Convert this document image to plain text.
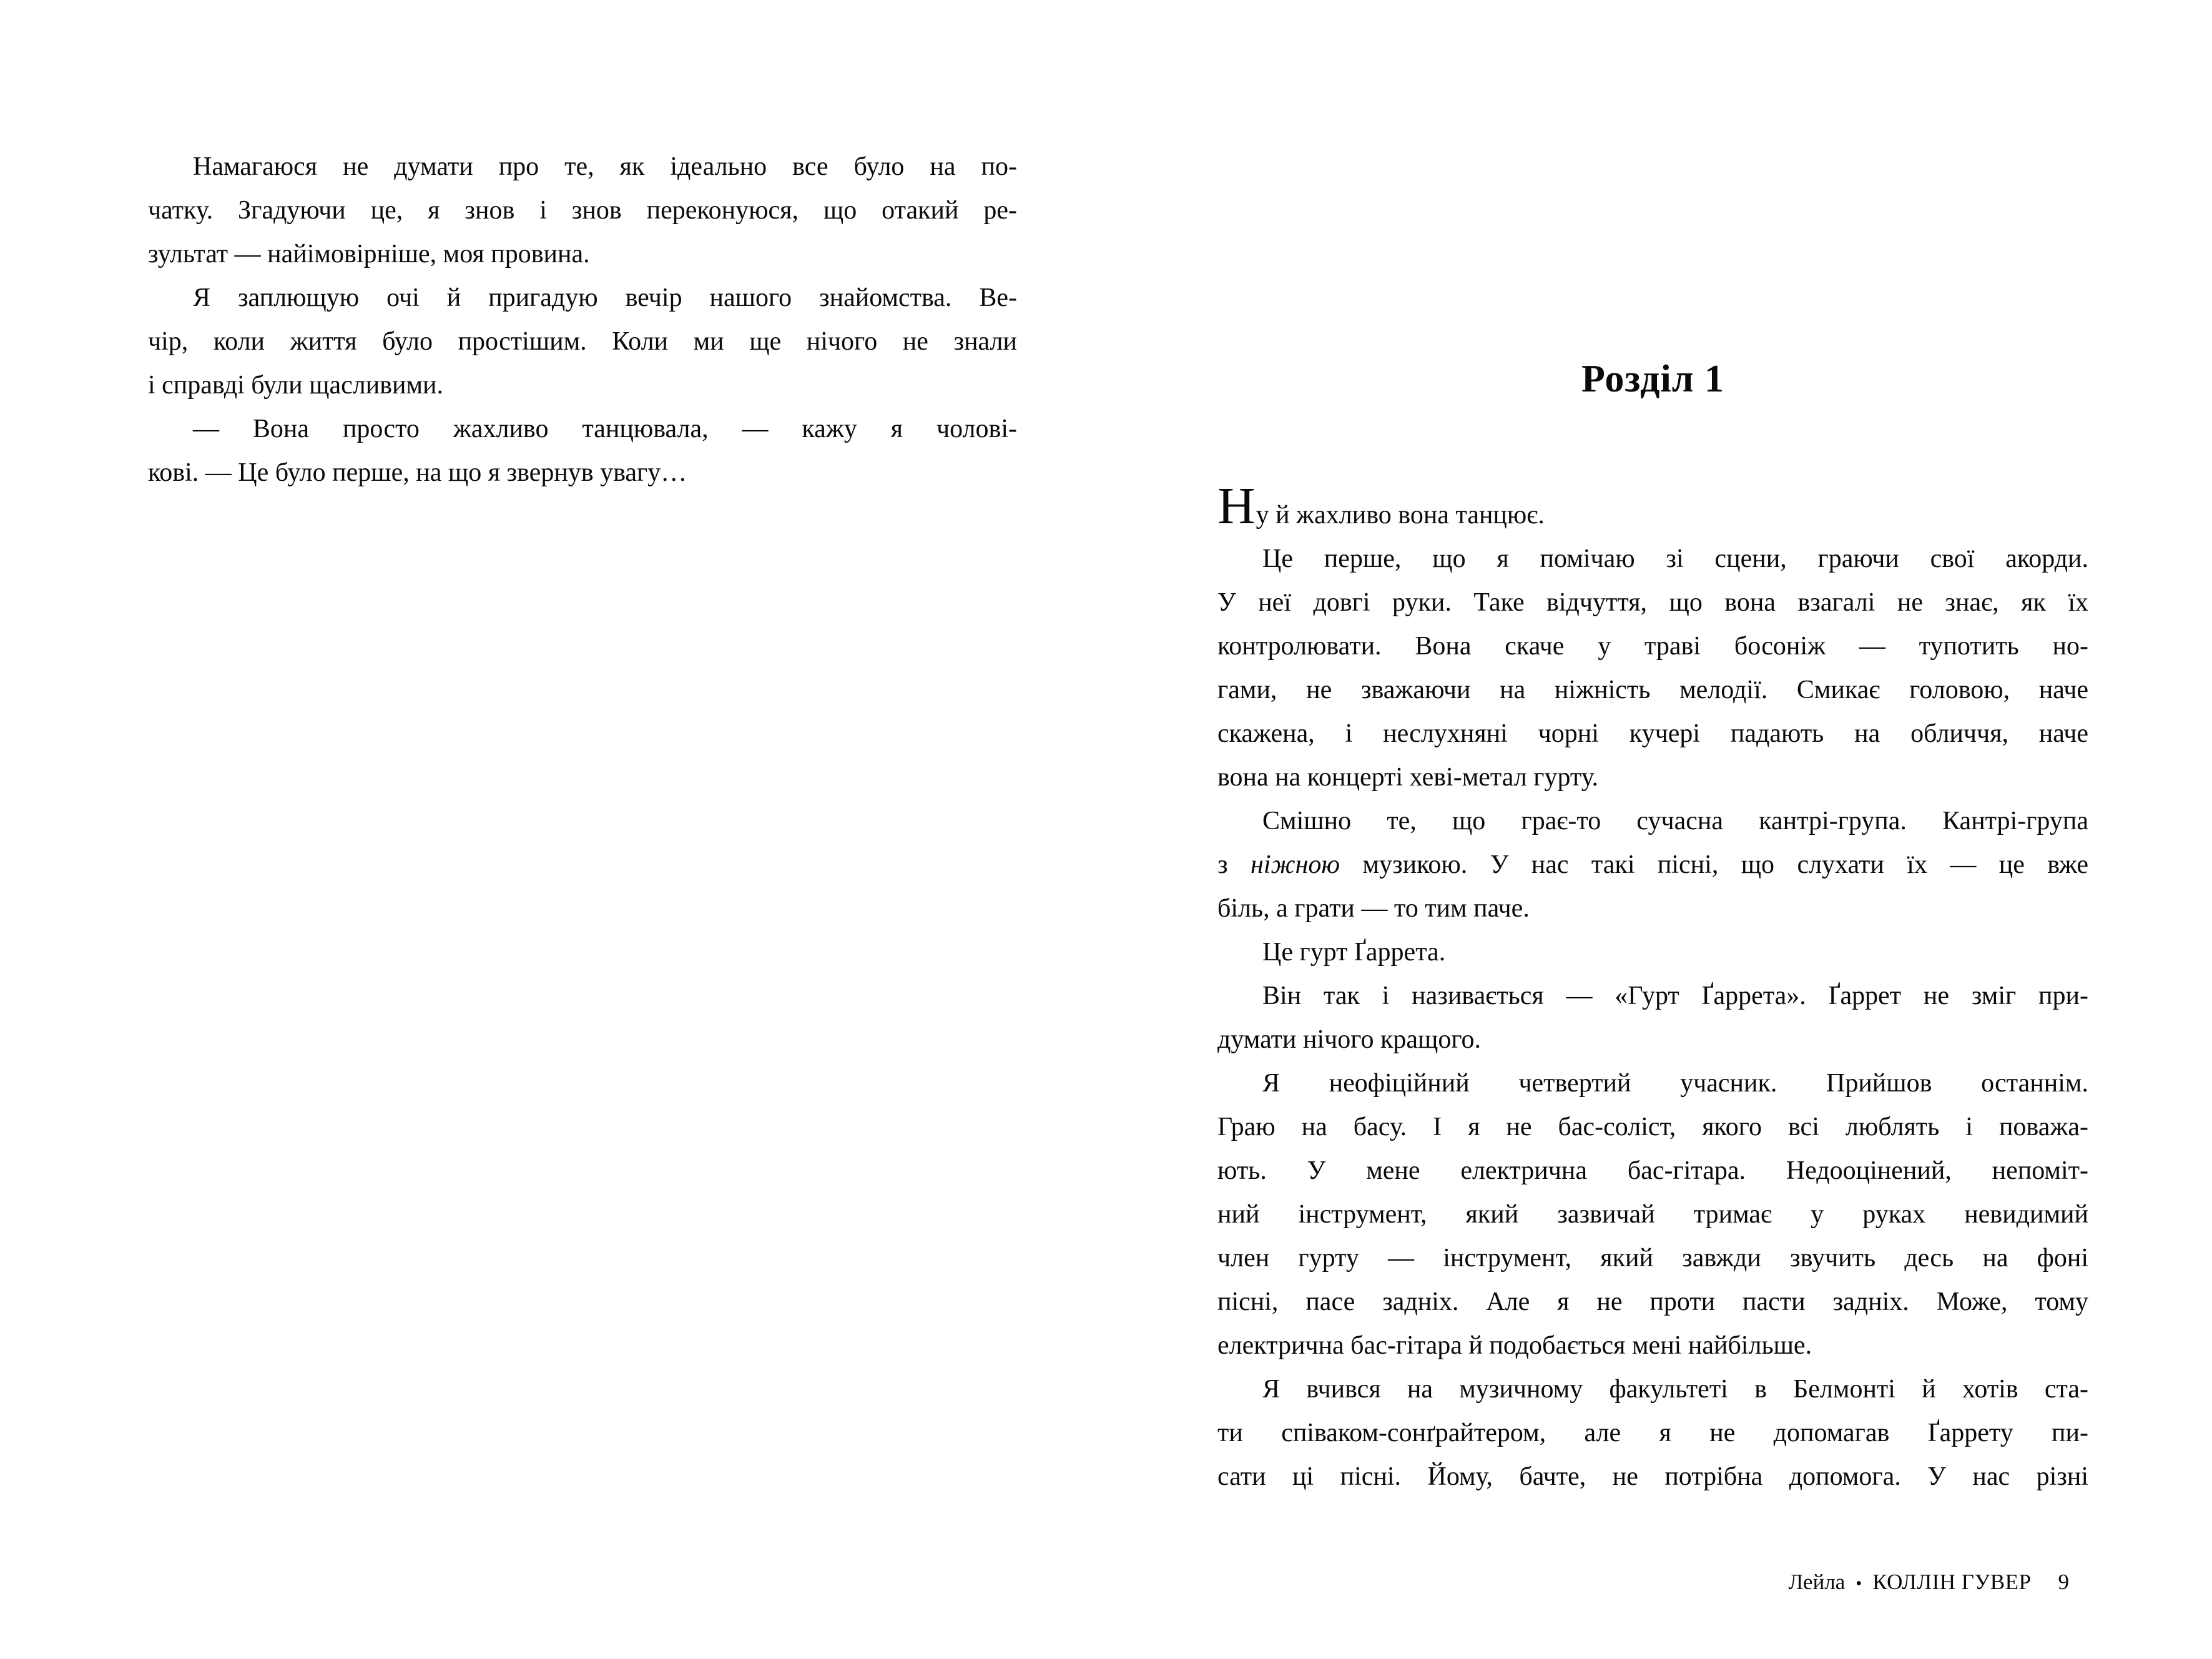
Намагаюся не думати про те, як ідеально все було на по-
чатку. Згадуючи це, я знов і знов переконуюся, що отакий ре-
зультат — найімовірніше, моя провина.
Я заплющую очі й пригадую вечір нашого знайомства. Ве-
чір, коли життя було простішим. Коли ми ще нічого не знали
і справді були щасливими.
— Вона просто жахливо танцювала, — кажу я чолові-
кові. — Це було перше, на що я звернув увагу…
Розділ 1
Ну й жахливо вона танцює.
Це перше, що я помічаю зі сцени, граючи свої акорди.
У неї довгі руки. Таке відчуття, що вона взагалі не знає, як їх
контролювати. Вона скаче у траві босоніж — тупотить но-
гами, не зважаючи на ніжність мелодії. Смикає головою, наче
скажена, і неслухняні чорні кучері падають на обличчя, наче
вона на концерті хеві-метал гурту.
Смішно те, що грає-то сучасна кантрі-група. Кантрі-група
з ніжною музикою. У нас такі пісні, що слухати їх — це вже
біль, а грати — то тим паче.
Це гурт Ґаррета.
Він так і називається — «Гурт Ґаррета». Ґаррет не зміг при-
думати нічого кращого.
Я неофіційний четвертий учасник. Прийшов останнім.
Граю на басу. І я не бас-соліст, якого всі люблять і поважа-
ють. У мене електрична бас-гітара. Недооцінений, непоміт-
ний інструмент, який зазвичай тримає у руках невидимий
член гурту — інструмент, який завжди звучить десь на фоні
пісні, пасе задніх. Але я не проти пасти задніх. Може, тому
електрична бас-гітара й подобається мені найбільше.
Я вчився на музичному факультеті в Белмонті й хотів ста-
ти співаком-сонґрайтером, але я не допомагав Ґаррету пи-
сати ці пісні. Йому, бачте, не потрібна допомога. У нас різні
Лейла • КОЛЛІН ГУВЕР 9
